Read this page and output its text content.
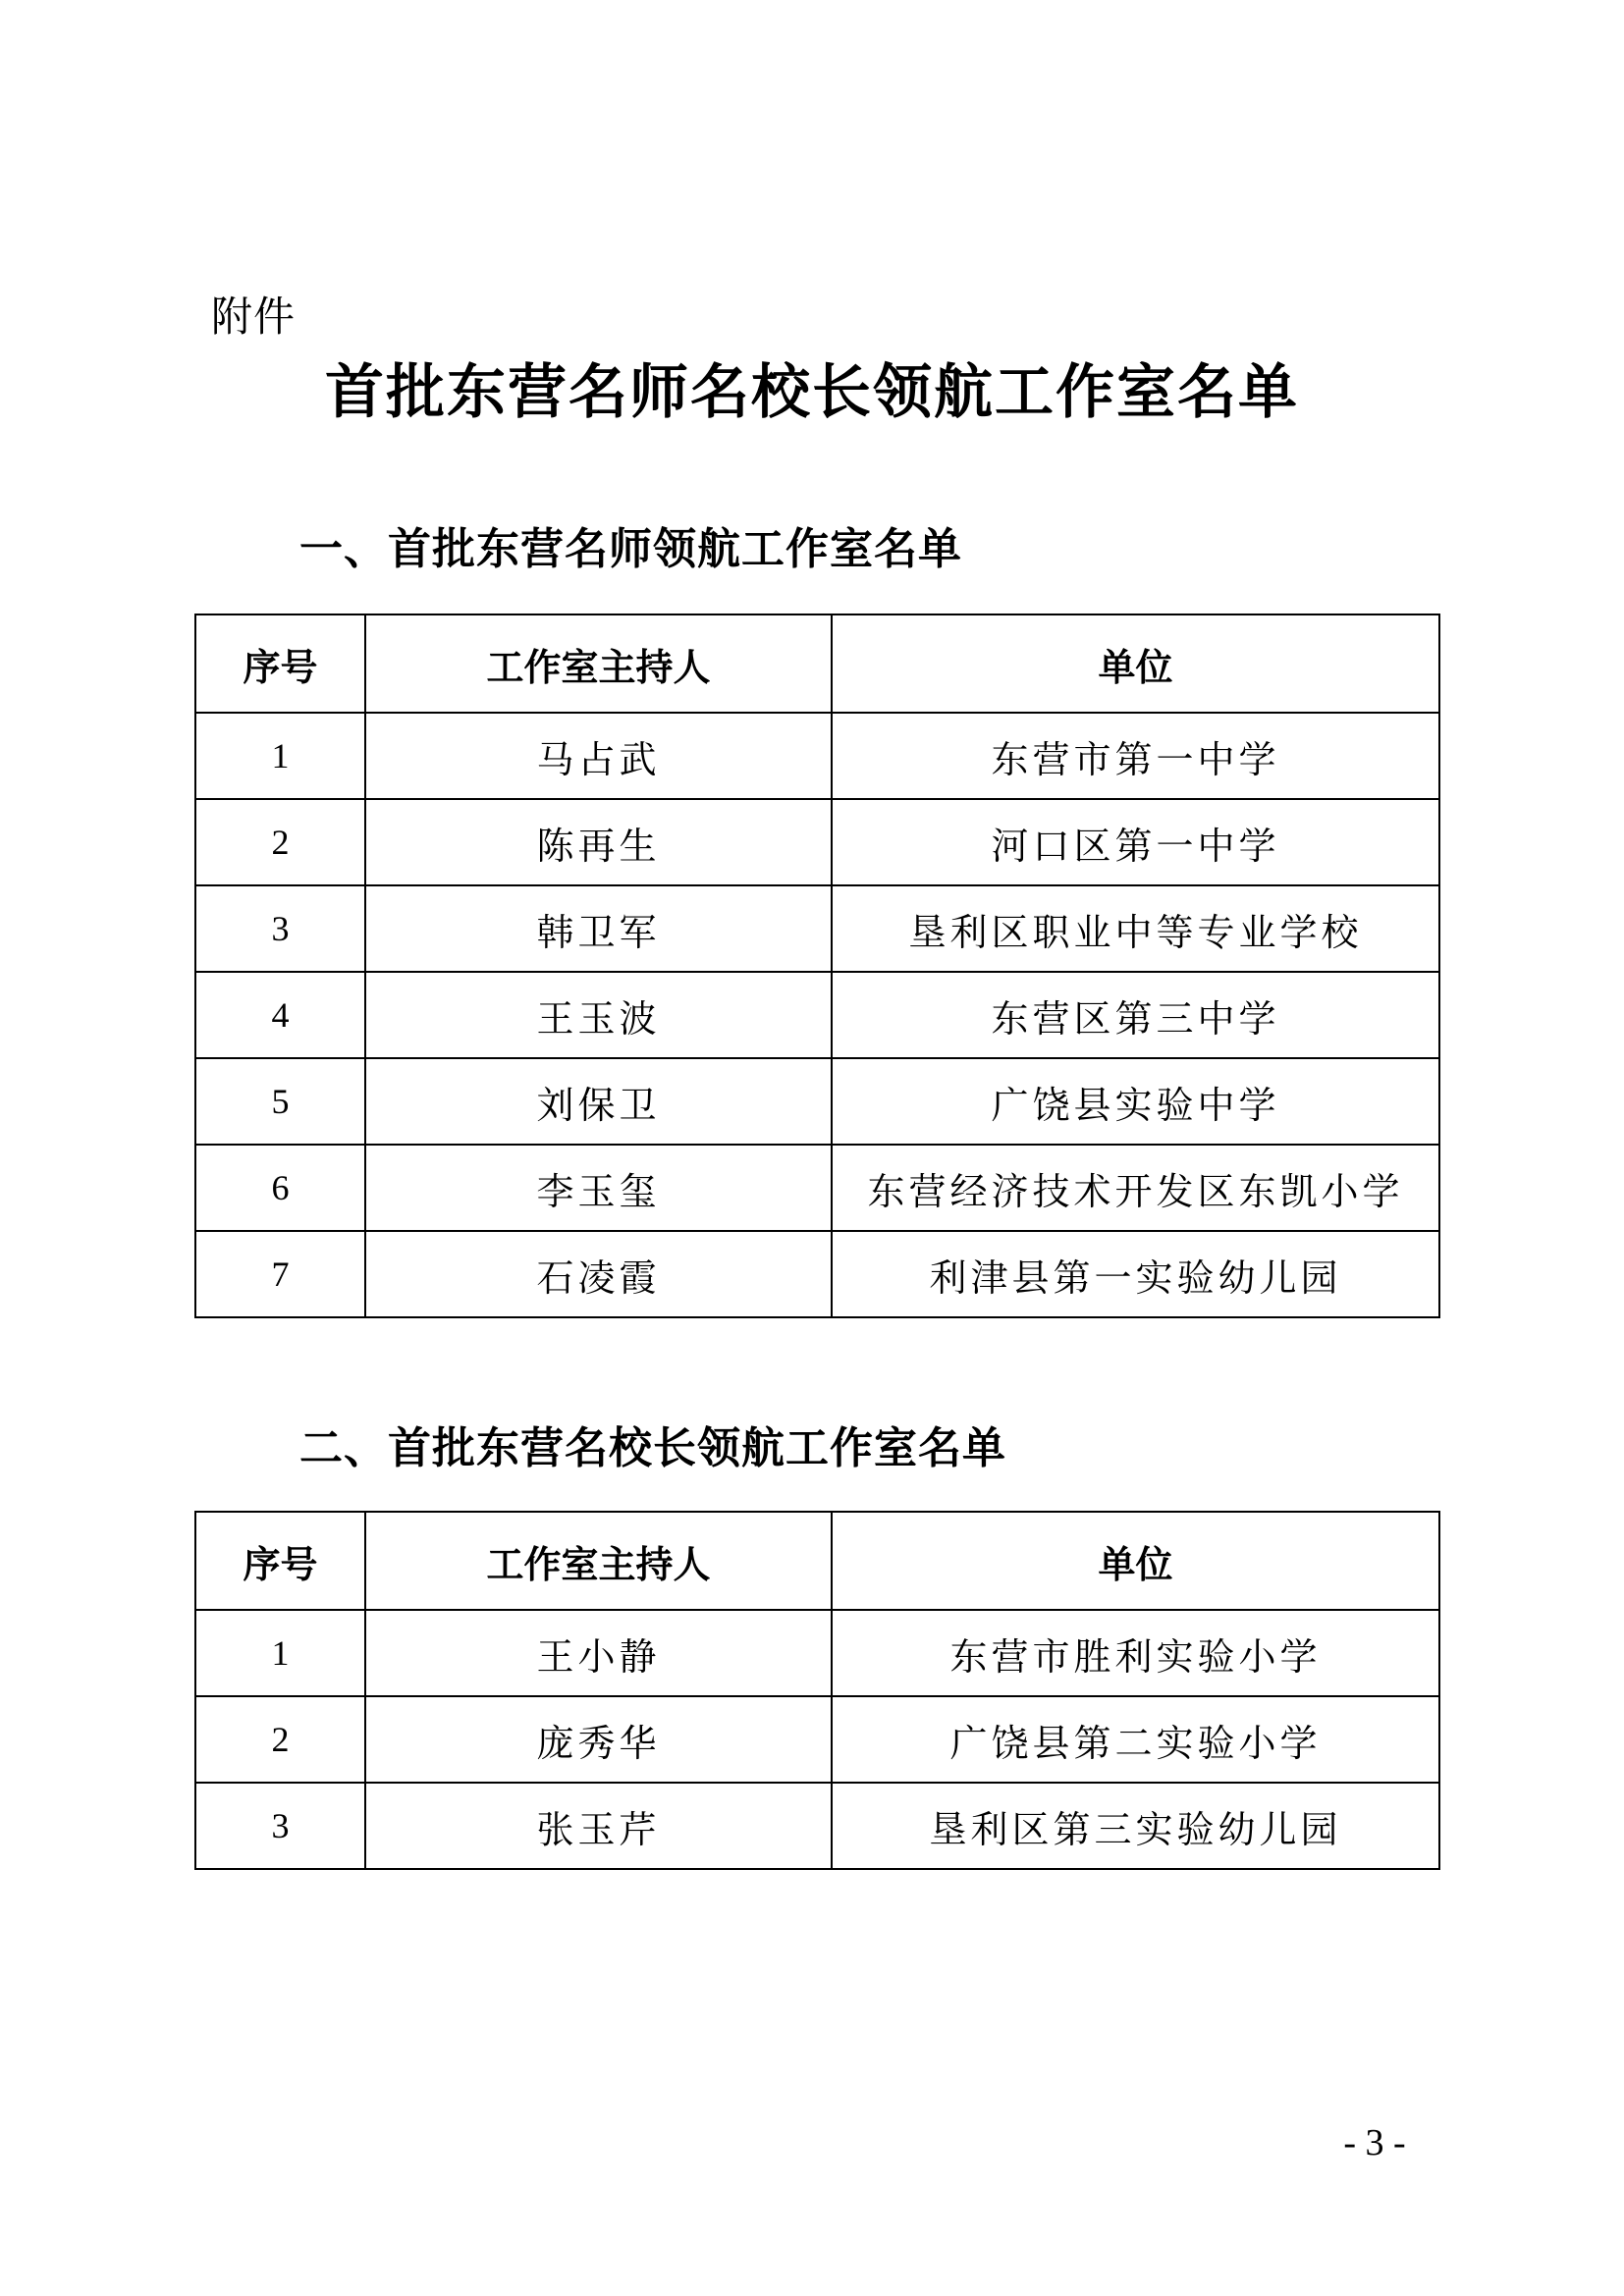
附件
首批东营名师名校长领航工作室名单
一、首批东营名师领航工作室名单
序号	工作室主持人	单位
1	马占武	东营市第一中学
2	陈再生	河口区第一中学
3	韩卫军	垦利区职业中等专业学校
4	王玉波	东营区第三中学
5	刘保卫	广饶县实验中学
6	李玉玺	东营经济技术开发区东凯小学
7	石凌霞	利津县第一实验幼儿园
二、首批东营名校长领航工作室名单
序号	工作室主持人	单位
1	王小静	东营市胜利实验小学
2	庞秀华	广饶县第二实验小学
3	张玉芹	垦利区第三实验幼儿园
- 3 -
